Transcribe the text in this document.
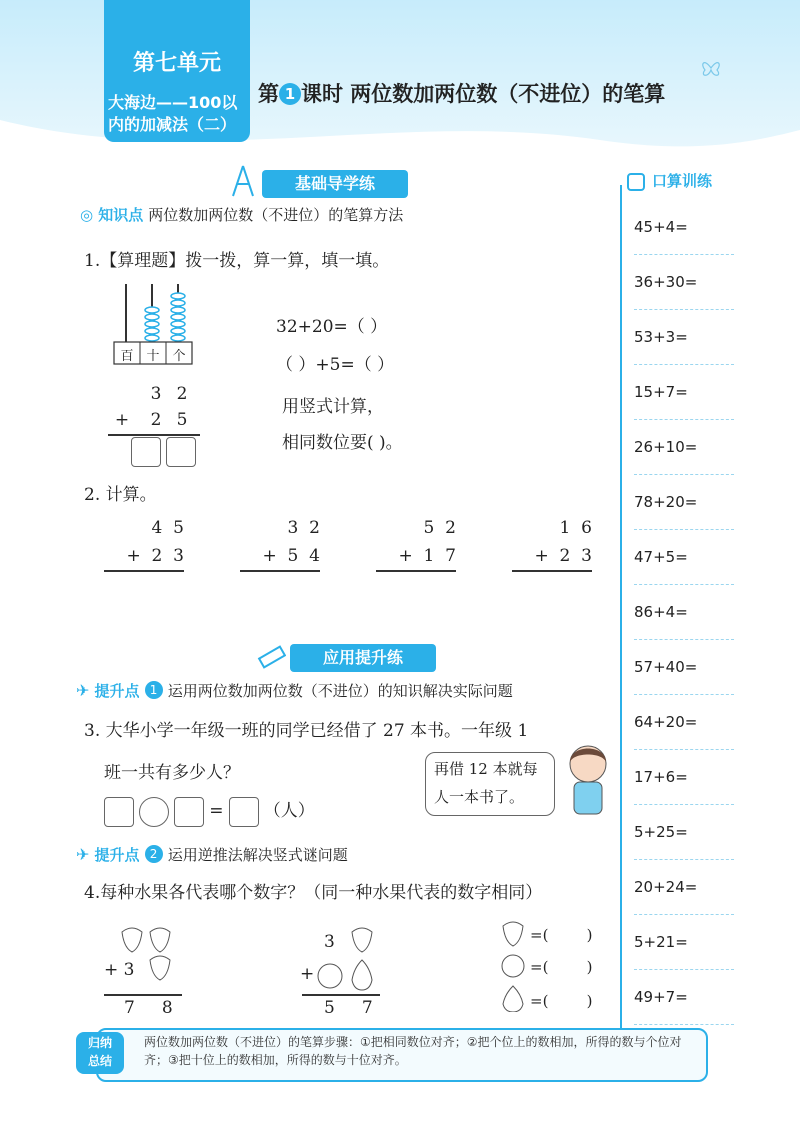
第七单元
大海边——100以
内的加减法（二）
第 1 课时 两位数加两位数（不进位）的笔算
基础导学练	口算训练
45+4=
36+30=
53+3=
15+7=
26+10=
78+20=
47+5=
86+4=
57+40=
64+20=
17+6=
5+25=
20+24=
5+21=
49+7=
◎ 知识点 两位数加两位数（不进位）的笔算方法
1.【算理题】拨一拨，算一算，填一填。
百 十 个
3 2
+ 2 5
32+20=（ ）
（ ）+5=（ ）
用竖式计算，
相同数位要( )。
2. 计算。
4  5
+  2  3
3  2
+  5  4
5  2
+  1  7
1  6
+  2  3
应用提升练
✈ 提升点 1 运用两位数加两位数（不进位）的知识解决实际问题
3. 大华小学一年级一班的同学已经借了 27 本书。一年级 1
班一共有多少人？	再借 12 本就每
人一本书了。
= （人）
✈ 提升点 2 运用逆推法解决竖式谜问题
4.每种水果各代表哪个数字？（同一种水果代表的数字相同）
+ 3
7     8
3
+
5     7
=(        )
=(        )
=(        )
归纳
总结
两位数加两位数（不进位）的笔算步骤：①把相同数位对齐；②把个位上的数相加，所得的数与个位对齐；③把十位上的数相加，所得的数与十位对齐。
